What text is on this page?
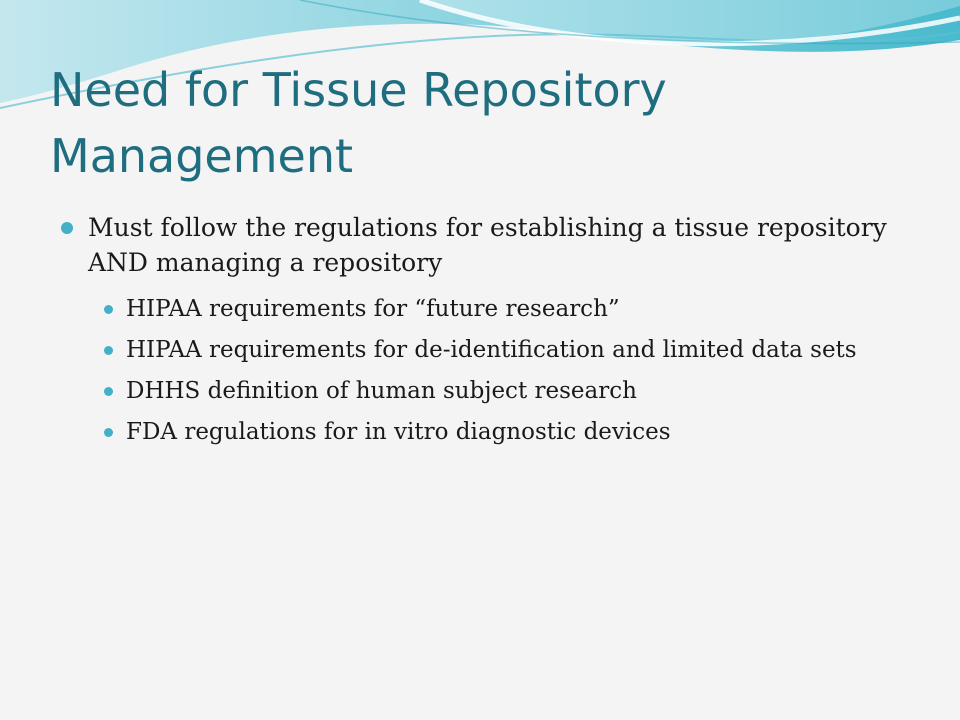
Need for Tissue Repository
Management
Must follow the regulations for establishing a tissue repository AND managing a repository
HIPAA requirements for “future research”
HIPAA requirements for de-identification and limited data sets
DHHS definition of human subject research
FDA regulations for in vitro diagnostic devices
